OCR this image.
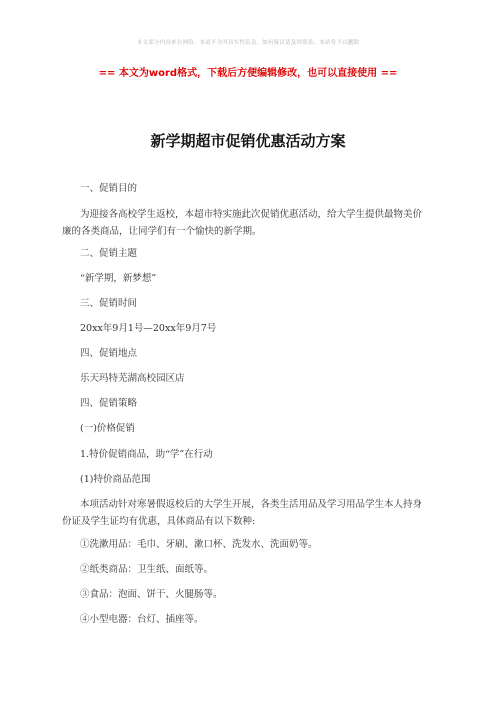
本文部分内容来自网络，本站不为其真实性负责，如有疑议请及时联系，本站将予以删除
== 本文为word格式，下载后方便编辑修改，也可以直接使用 ==
新学期超市促销优惠活动方案
一、促销目的
为迎接各高校学生返校，本超市特实施此次促销优惠活动，给大学生提供最物美价廉的各类商品，让同学们有一个愉快的新学期。
二、促销主题
“新学期，新梦想”
三、促销时间
20xx年9月1号—20xx年9月7号
四、促销地点
乐天玛特芜湖高校园区店
四、促销策略
(一)价格促销
1.特价促销商品，助“学”在行动
(1)特价商品范围
本项活动针对寒暑假返校后的大学生开展，各类生活用品及学习用品学生本人持身份证及学生证均有优惠，具体商品有以下数种:
①洗漱用品：毛巾、牙刷、漱口杯、洗发水、洗面奶等。
②纸类商品：卫生纸、面纸等。
③食品：泡面、饼干、火腿肠等。
④小型电器：台灯、插座等。
